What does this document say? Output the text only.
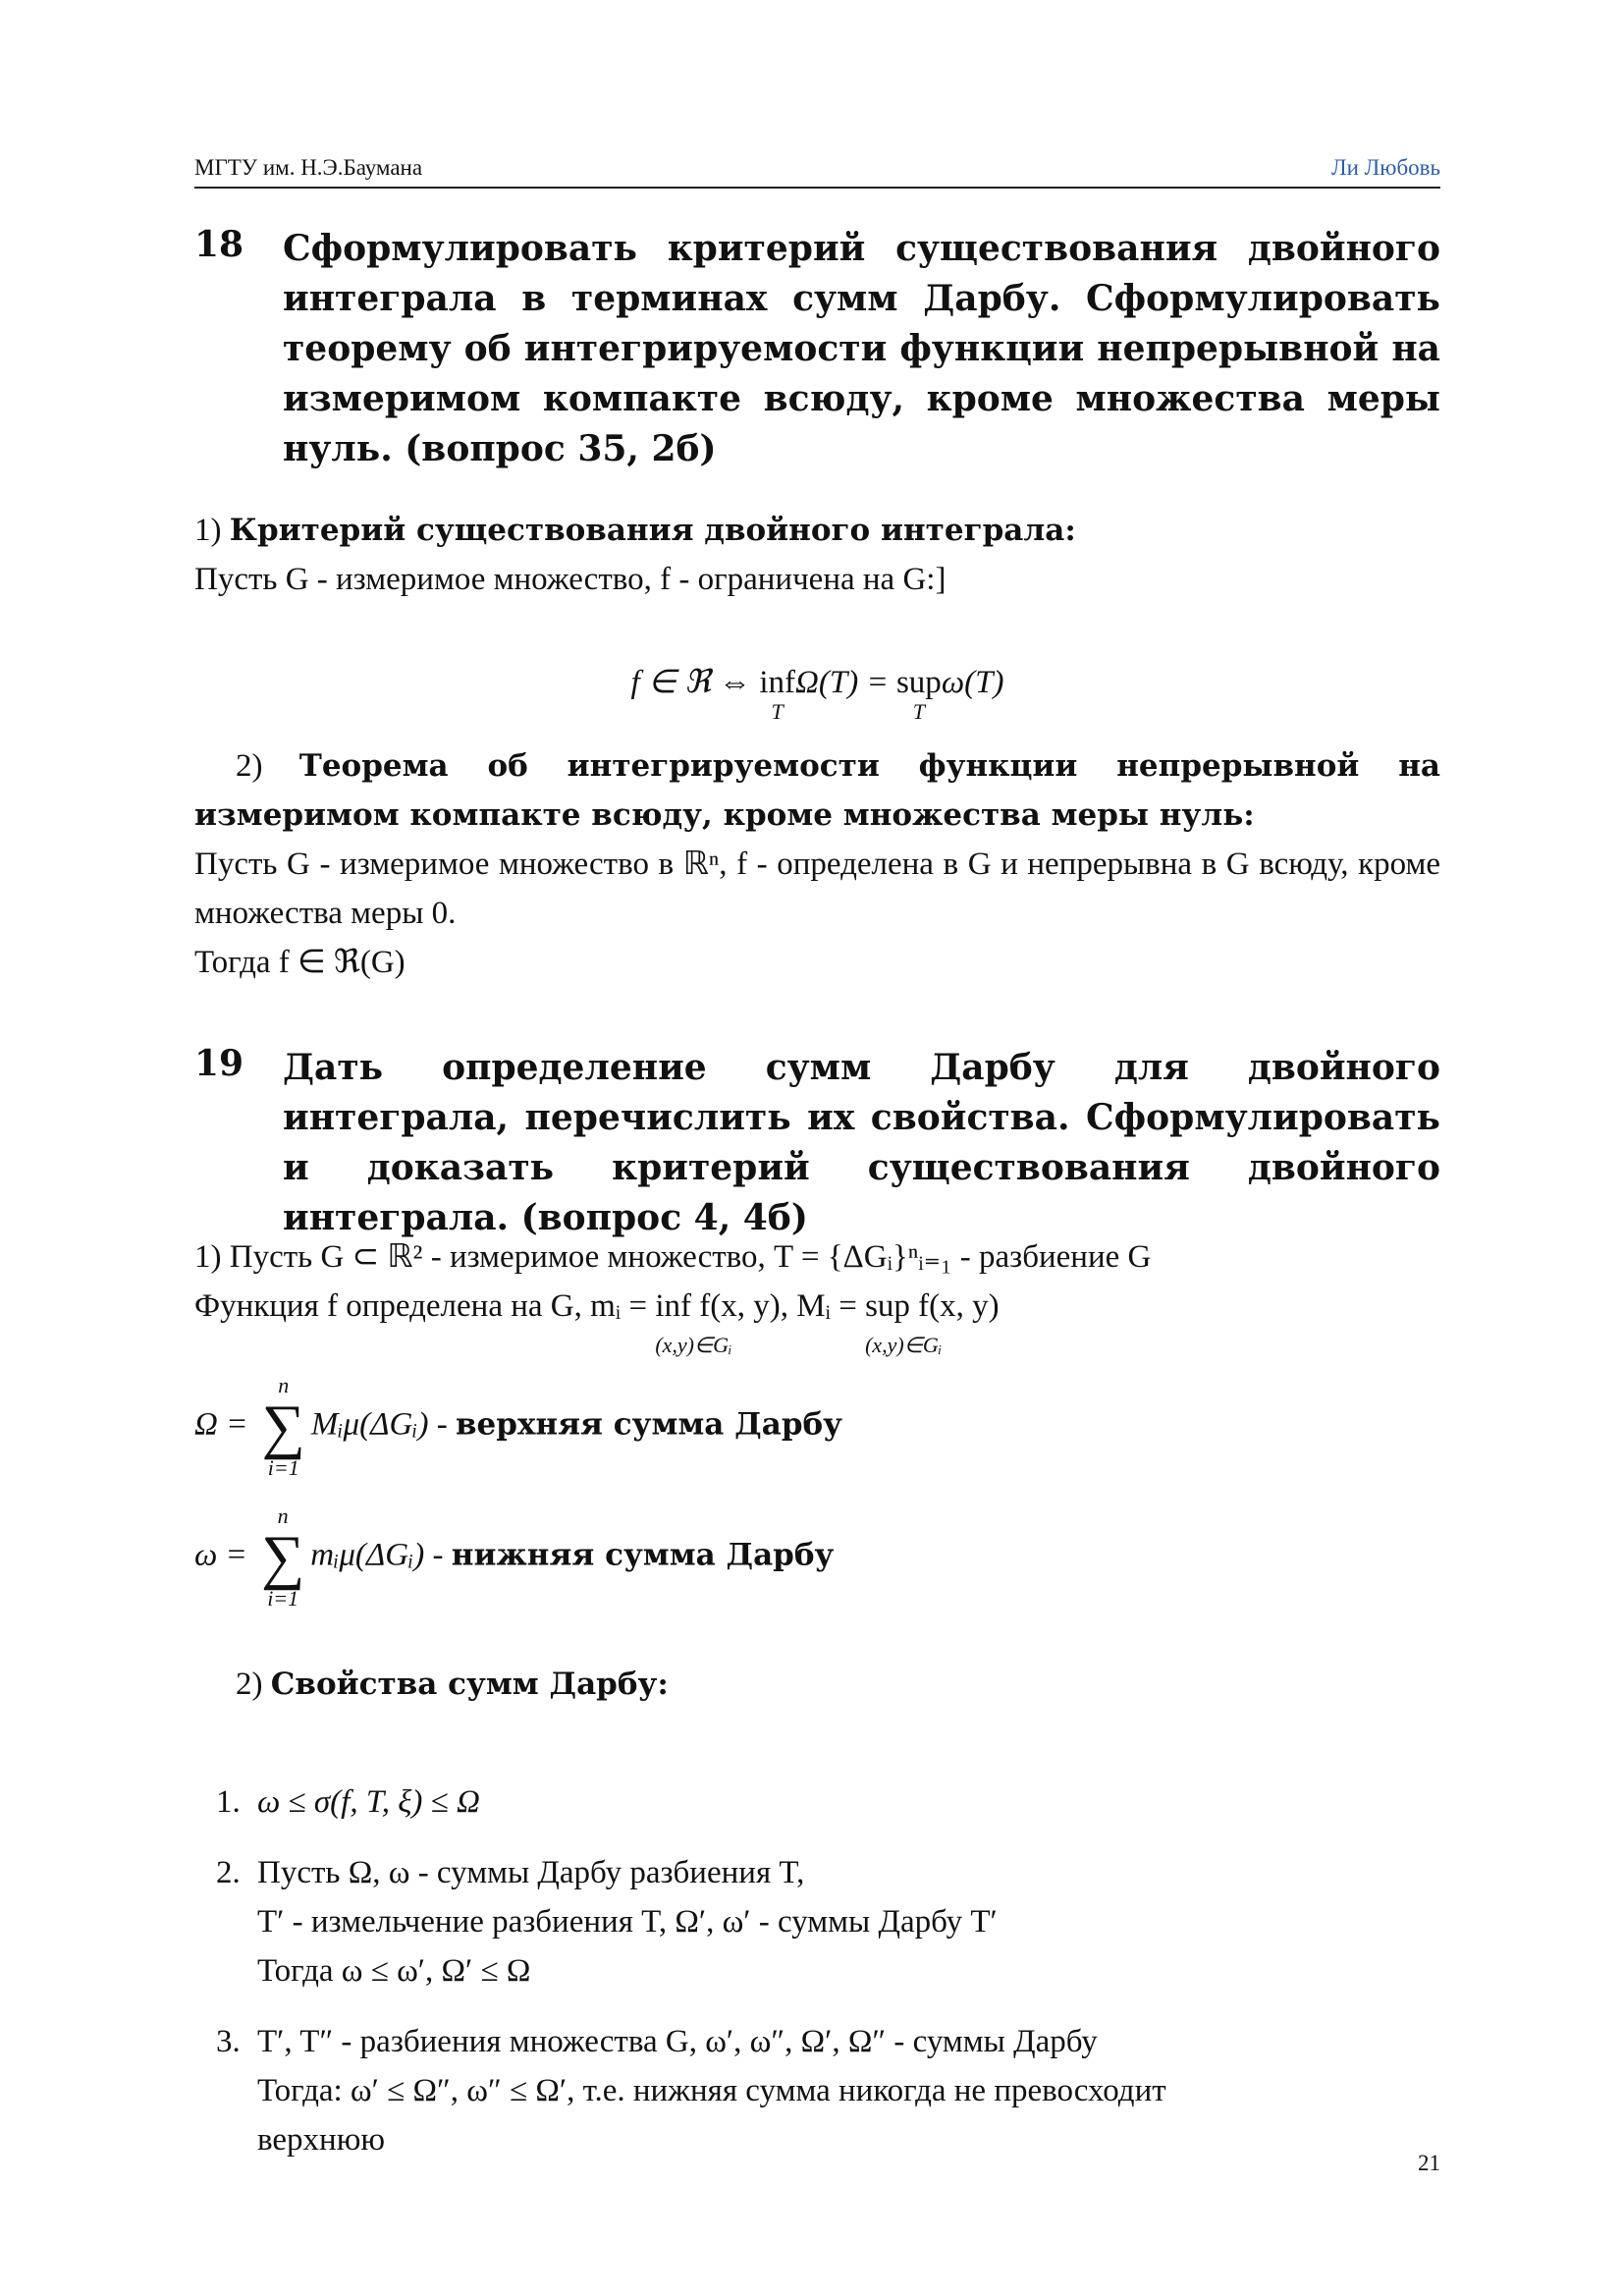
МГТУ им. Н.Э.Баумана	Ли Любовь
18 Сформулировать критерий существования двойного интеграла в терминах сумм Дарбу. Сформулировать теорему об интегрируемости функции непрерывной на измеримом компакте всюду, кроме множества меры нуль. (вопрос 35, 2б)
1) Критерий существования двойного интеграла:
Пусть G - измеримое множество, f - ограничена на G:]
f ∈ ℜ ⇔ inf
T
Ω(T) = sup
T
ω(T)
2) Теорема об интегрируемости функции непрерывной на измеримом компакте всюду, кроме множества меры нуль:
Пусть G - измеримое множество в ℝⁿ, f - определена в G и непрерывна в G всюду, кроме множества меры 0.
Тогда f ∈ ℜ(G)
19 Дать определение сумм Дарбу для двойного интеграла, перечислить их свойства. Сформулировать и доказать критерий существования двойного интеграла. (вопрос 4, 4б)
1) Пусть G ⊂ ℝ² - измеримое множество, T = {ΔGᵢ}ⁿᵢ₌₁ - разбиение G
Функция f определена на G, mᵢ = inf
(x,y)∈Gᵢ
f(x, y), Mᵢ = sup
(x,y)∈Gᵢ
f(x, y)
Ω =
n
∑
i=1
Mᵢμ(ΔGᵢ) - верхняя сумма Дарбу
ω =
n
∑
i=1
mᵢμ(ΔGᵢ) - нижняя сумма Дарбу
2) Свойства сумм Дарбу:
1. ω ≤ σ(f, T, ξ) ≤ Ω
2. Пусть Ω, ω - суммы Дарбу разбиения T,
T′ - измельчение разбиения T, Ω′, ω′ - суммы Дарбу T′
Тогда ω ≤ ω′, Ω′ ≤ Ω
3. T′, T″ - разбиения множества G, ω′, ω″, Ω′, Ω″ - суммы Дарбу
Тогда: ω′ ≤ Ω″, ω″ ≤ Ω′, т.е. нижняя сумма никогда не превосходит
верхнюю
21
